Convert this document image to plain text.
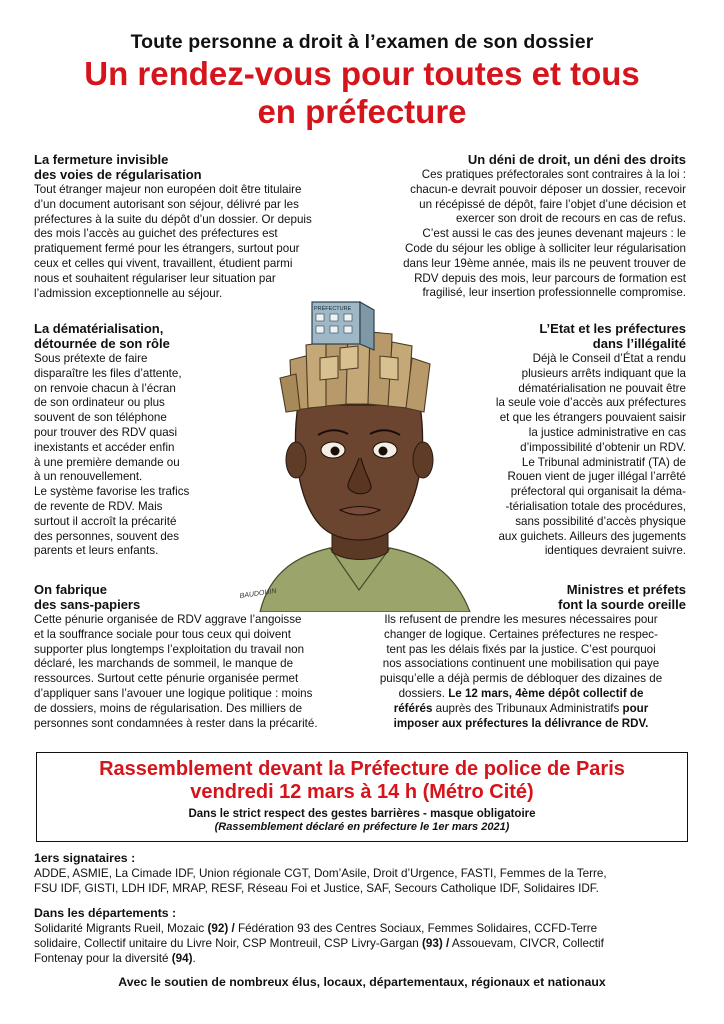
Toute personne a droit à l’examen de son dossier
Un rendez-vous pour toutes et tous
en préfecture
La fermeture invisible
des voies de régularisation

Tout étranger majeur non européen doit être titulaire
d’un document autorisant son séjour, délivré par les
préfectures à la suite du dépôt d’un dossier. Or depuis
des mois l’accès au guichet des préfectures est
pratiquement fermé pour les étrangers, surtout pour
ceux et celles qui vivent, travaillent, étudient parmi
nous et souhaitent régulariser leur situation par
l’admission exceptionnelle au séjour.

Un déni de droit, un déni des droits

Ces pratiques préfectorales sont contraires à la loi :
chacun-e devrait pouvoir déposer un dossier, recevoir
un récépissé de dépôt, faire l’objet d’une décision et
exercer son droit de recours en cas de refus.
C’est aussi le cas des jeunes devenant majeurs : le
Code du séjour les oblige à solliciter leur régularisation
dans leur 19ème année, mais ils ne peuvent trouver de
RDV depuis des mois, leur parcours de formation est
fragilisé, leur insertion professionnelle compromise.

La dématérialisation,
détournée de son rôle

Sous prétexte de faire
disparaître les files d’attente,
on renvoie chacun à l’écran
de son ordinateur ou plus
souvent de son téléphone
pour trouver des RDV quasi
inexistants et accéder enfin
à une première demande ou
à un renouvellement.
Le système favorise les trafics
de revente de RDV. Mais
surtout il accroît la précarité
des personnes, souvent des
parents et leurs enfants.

L’Etat et les préfectures
dans l’illégalité

Déjà le Conseil d’État a rendu
plusieurs arrêts indiquant que la
dématérialisation ne pouvait être
la seule voie d’accès aux préfectures
et que les étrangers pouvaient saisir
la justice administrative en cas
d’impossibilité d’obtenir un RDV.
Le Tribunal administratif (TA) de
Rouen vient de juger illégal l’arrêté
préfectoral qui organisait la déma-
-térialisation totale des procédures,
sans possibilité d’accès physique
aux guichets. Ailleurs des jugements
identiques devraient suivre.

PRÉFECTURE
BAUDOUIN
On fabrique
des sans-papiers

Cette pénurie organisée de RDV aggrave l’angoisse
et la souffrance sociale pour tous ceux qui doivent
supporter plus longtemps l’exploitation du travail non
déclaré, les marchands de sommeil, le manque de
ressources. Surtout cette pénurie organisée permet
d’appliquer sans l’avouer une logique politique : moins
de dossiers, moins de régularisation. Des milliers de
personnes sont condamnées à rester dans la précarité.

Ministres et préfets
font la sourde oreille

Ils refusent de prendre les mesures nécessaires pour
changer de logique. Certaines préfectures ne respec-
tent pas les délais fixés par la justice. C’est pourquoi
nos associations continuent une mobilisation qui paye
puisqu’elle a déjà permis de débloquer des dizaines de
dossiers. Le 12 mars, 4ème dépôt collectif de
référés auprès des Tribunaux Administratifs pour
imposer aux préfectures la délivrance de RDV.

Rassemblement devant la Préfecture de police de Paris
vendredi 12 mars à 14 h (Métro Cité)
Dans le strict respect des gestes barrières - masque obligatoire
(Rassemblement déclaré en préfecture le 1er mars 2021)
1ers signataires :
ADDE, ASMIE, La Cimade IDF, Union régionale CGT, Dom’Asile, Droit d’Urgence, FASTI, Femmes de la Terre,
FSU IDF, GISTI, LDH IDF, MRAP, RESF, Réseau Foi et Justice, SAF, Secours Catholique IDF, Solidaires IDF.
Dans les départements :
Solidarité Migrants Rueil, Mozaic (92) / Fédération 93 des Centres Sociaux, Femmes Solidaires, CCFD-Terre
solidaire, Collectif unitaire du Livre Noir, CSP Montreuil, CSP Livry-Gargan (93) / Assouevam, CIVCR, Collectif
Fontenay pour la diversité (94).
Avec le soutien de nombreux élus, locaux, départementaux, régionaux et nationaux
